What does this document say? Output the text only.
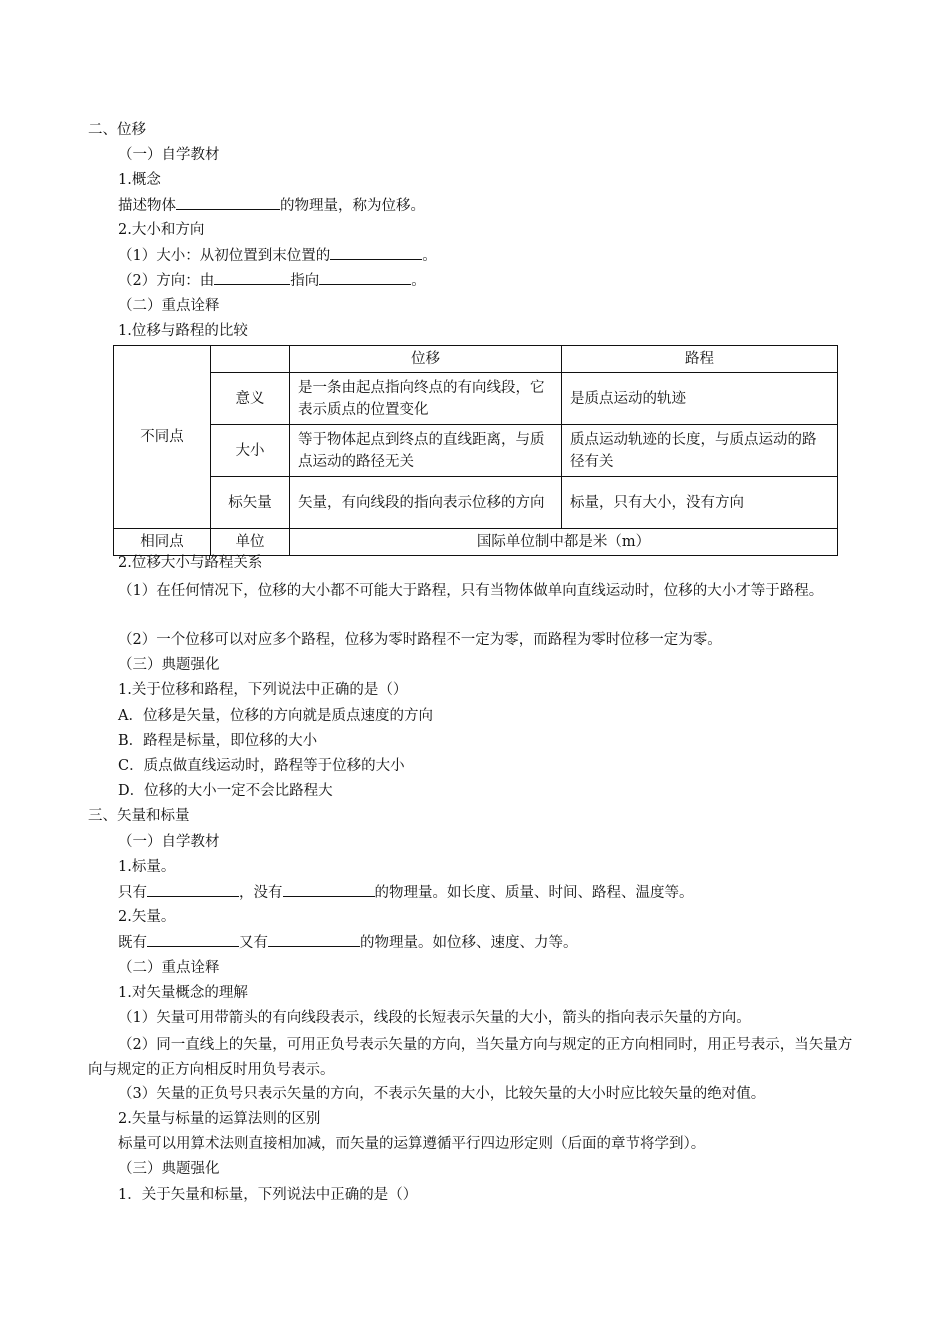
二、位移
（一）自学教材
1.概念
描述物体	的物理量，称为位移。
2.大小和方向
（1）大小：从初位置到末位置的	。
（2）方向：由	指向	。
（二）重点诠释
1.位移与路程的比较
不同点		位移	路程
	意义	是一条由起点指向终点的有向线段，它表示质点的位置变化	是质点运动的轨迹
	大小	等于物体起点到终点的直线距离，与质点运动的路径无关	质点运动轨迹的长度，与质点运动的路径有关
	标矢量	矢量，有向线段的指向表示位移的方向	标量，只有大小，没有方向
相同点	单位	国际单位制中都是米（m）	
2.位移大小与路程关系
（1）在任何情况下，位移的大小都不可能大于路程，只有当物体做单向直线运动时，位移的大小才等于路程。
（2）一个位移可以对应多个路程，位移为零时路程不一定为零，而路程为零时位移一定为零。
（三）典题强化
1.关于位移和路程，下列说法中正确的是（）
A．位移是矢量，位移的方向就是质点速度的方向
B．路程是标量，即位移的大小
C．质点做直线运动时，路程等于位移的大小
D．位移的大小一定不会比路程大
三、矢量和标量
（一）自学教材
1.标量。
只有	，没有	的物理量。如长度、质量、时间、路程、温度等。
2.矢量。
既有	又有	的物理量。如位移、速度、力等。
（二）重点诠释
1.对矢量概念的理解
（1）矢量可用带箭头的有向线段表示，线段的长短表示矢量的大小，箭头的指向表示矢量的方向。
（2）同一直线上的矢量，可用正负号表示矢量的方向，当矢量方向与规定的正方向相同时，用正号表示，当矢量方向与规定的正方向相反时用负号表示。
（3）矢量的正负号只表示矢量的方向，不表示矢量的大小，比较矢量的大小时应比较矢量的绝对值。
2.矢量与标量的运算法则的区别
标量可以用算术法则直接相加减，而矢量的运算遵循平行四边形定则（后面的章节将学到）。
（三）典题强化
1．关于矢量和标量，下列说法中正确的是（）
